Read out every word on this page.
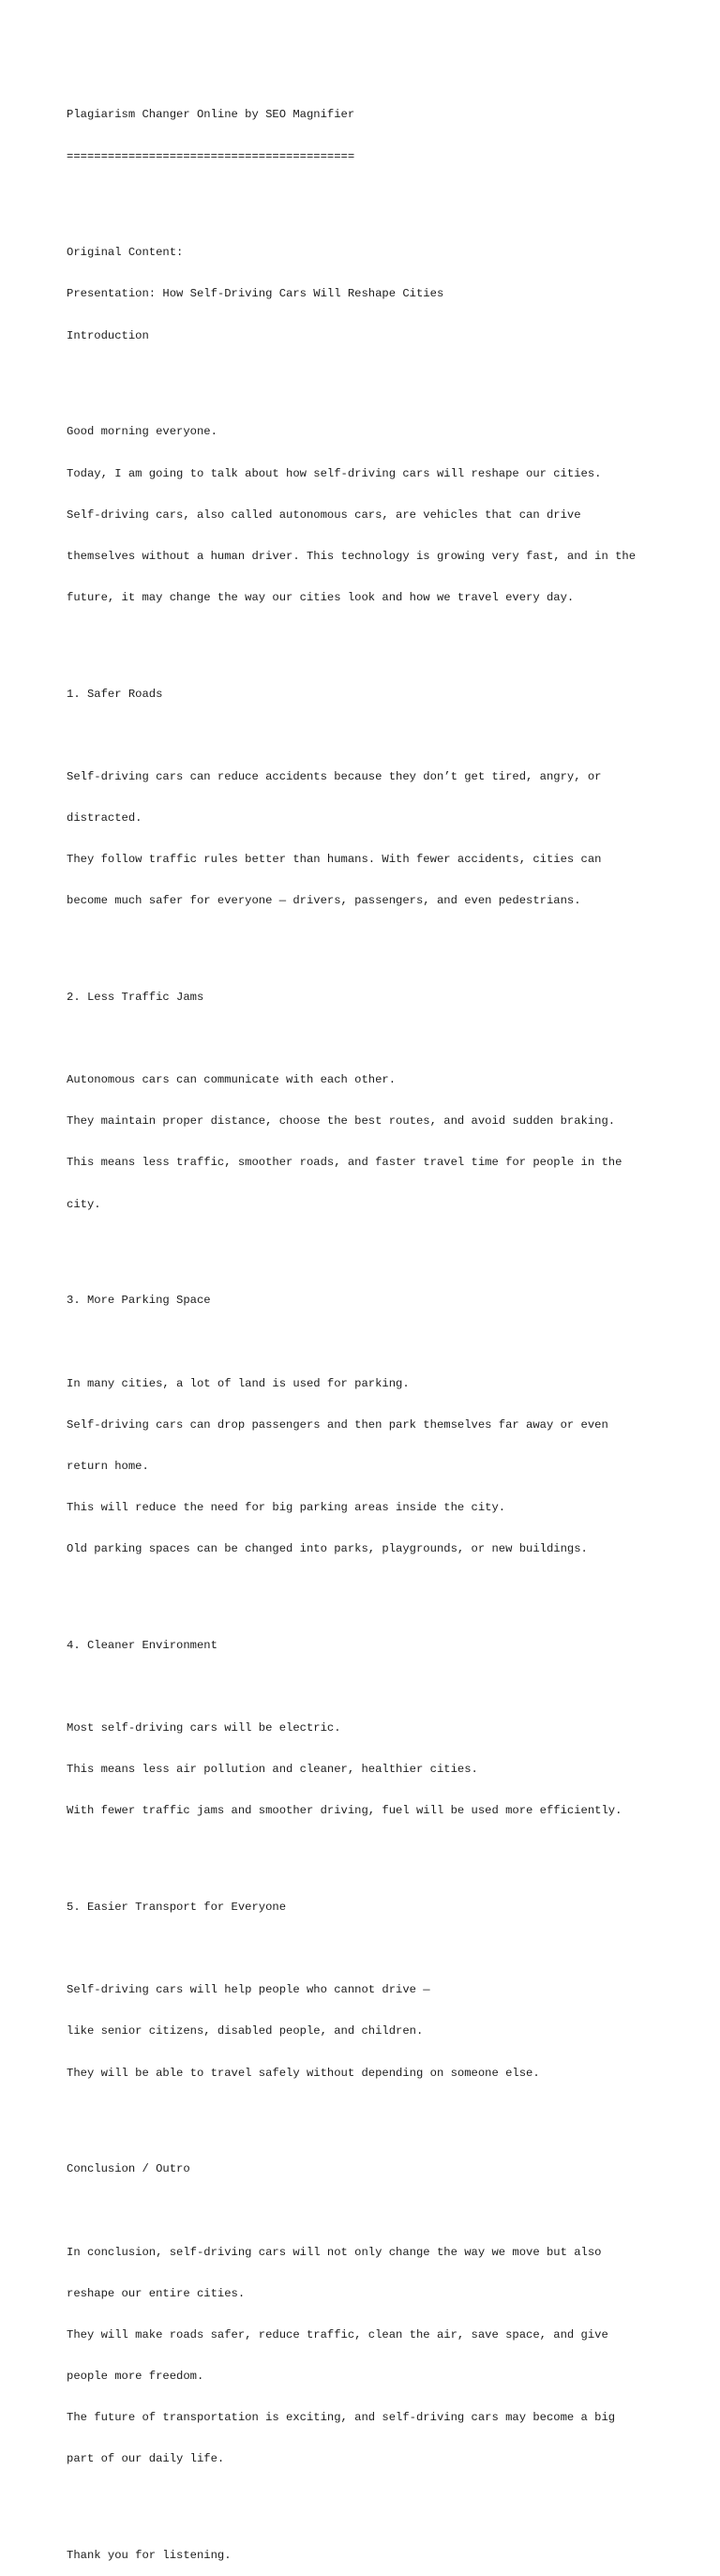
Plagiarism Changer Online by SEO Magnifier

==========================================

Original Content:

Presentation: How Self-Driving Cars Will Reshape Cities

Introduction

Good morning everyone.

Today, I am going to talk about how self-driving cars will reshape our cities.

Self-driving cars, also called autonomous cars, are vehicles that can drive

themselves without a human driver. This technology is growing very fast, and in the

future, it may change the way our cities look and how we travel every day.

1. Safer Roads

Self-driving cars can reduce accidents because they don’t get tired, angry, or

distracted.

They follow traffic rules better than humans. With fewer accidents, cities can

become much safer for everyone — drivers, passengers, and even pedestrians.

2. Less Traffic Jams

Autonomous cars can communicate with each other.

They maintain proper distance, choose the best routes, and avoid sudden braking.

This means less traffic, smoother roads, and faster travel time for people in the

city.

3. More Parking Space

In many cities, a lot of land is used for parking.

Self-driving cars can drop passengers and then park themselves far away or even

return home.

This will reduce the need for big parking areas inside the city.

Old parking spaces can be changed into parks, playgrounds, or new buildings.

4. Cleaner Environment

Most self-driving cars will be electric.

This means less air pollution and cleaner, healthier cities.

With fewer traffic jams and smoother driving, fuel will be used more efficiently.

5. Easier Transport for Everyone

Self-driving cars will help people who cannot drive —

like senior citizens, disabled people, and children.

They will be able to travel safely without depending on someone else.

Conclusion / Outro

In conclusion, self-driving cars will not only change the way we move but also

reshape our entire cities.

They will make roads safer, reduce traffic, clean the air, save space, and give

people more freedom.

The future of transportation is exciting, and self-driving cars may become a big

part of our daily life.

Thank you for listening.
